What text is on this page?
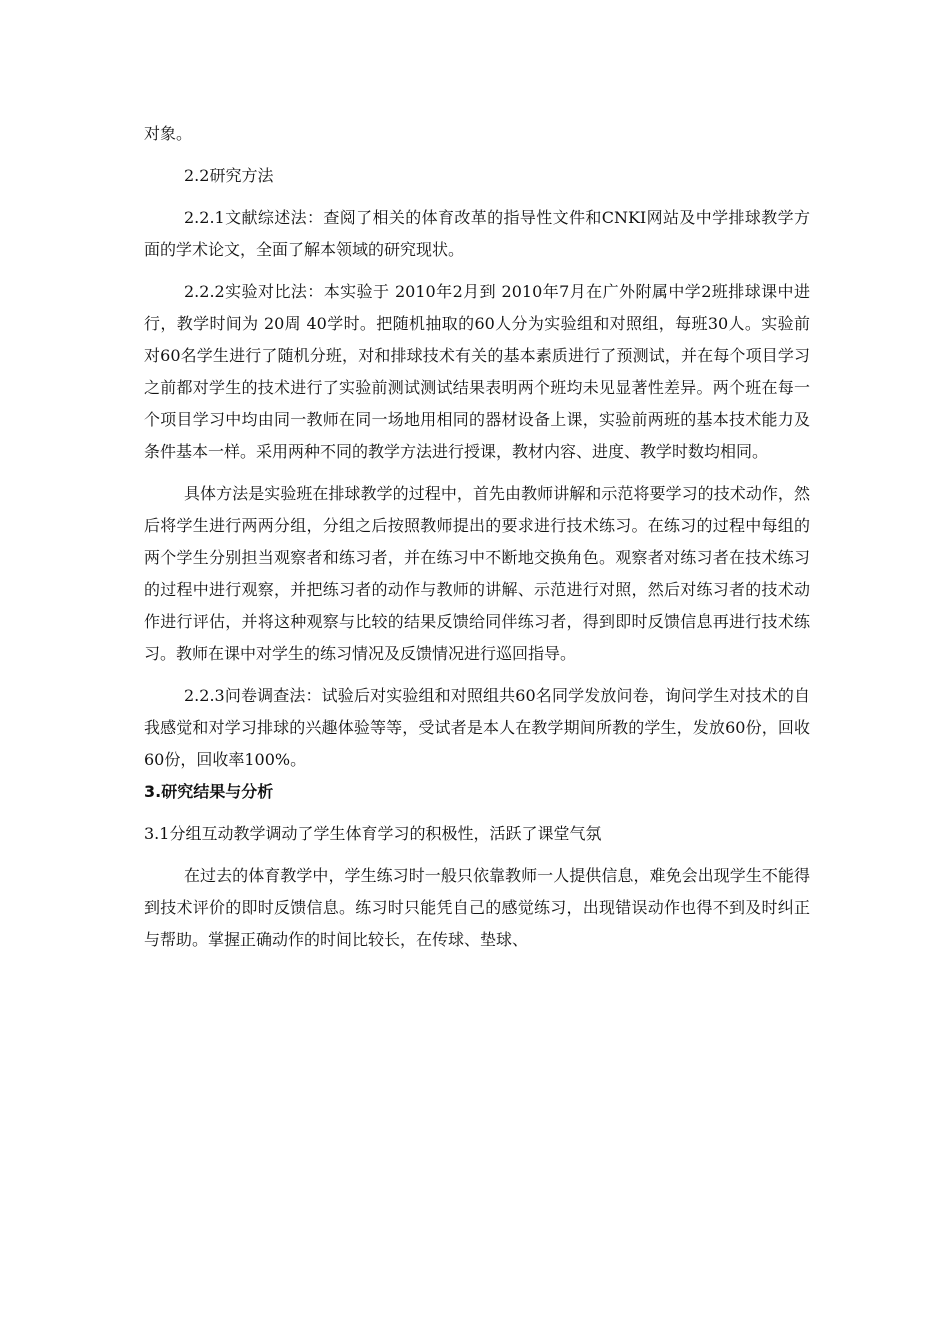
对象。

2.2研究方法

2.2.1文献综述法：查阅了相关的体育改革的指导性文件和CNKI网站及中学排球教学方面的学术论文，全面了解本领域的研究现状。

2.2.2实验对比法：本实验于 2010年2月到 2010年7月在广外附属中学2班排球课中进行，教学时间为 20周 40学时。把随机抽取的60人分为实验组和对照组，每班30人。实验前对60名学生进行了随机分班，对和排球技术有关的基本素质进行了预测试，并在每个项目学习之前都对学生的技术进行了实验前测试测试结果表明两个班均未见显著性差异。两个班在每一个项目学习中均由同一教师在同一场地用相同的器材设备上课，实验前两班的基本技术能力及条件基本一样。采用两种不同的教学方法进行授课，教材内容、进度、教学时数均相同。

具体方法是实验班在排球教学的过程中，首先由教师讲解和示范将要学习的技术动作，然后将学生进行两两分组，分组之后按照教师提出的要求进行技术练习。在练习的过程中每组的两个学生分别担当观察者和练习者，并在练习中不断地交换角色。观察者对练习者在技术练习的过程中进行观察，并把练习者的动作与教师的讲解、示范进行对照，然后对练习者的技术动作进行评估，并将这种观察与比较的结果反馈给同伴练习者，得到即时反馈信息再进行技术练习。教师在课中对学生的练习情况及反馈情况进行巡回指导。

2.2.3问卷调查法：试验后对实验组和对照组共60名同学发放问卷，询问学生对技术的自我感觉和对学习排球的兴趣体验等等，受试者是本人在教学期间所教的学生，发放60份，回收60份，回收率100%。

3.研究结果与分析

3.1分组互动教学调动了学生体育学习的积极性，活跃了课堂气氛

在过去的体育教学中，学生练习时一般只依靠教师一人提供信息，难免会出现学生不能得到技术评价的即时反馈信息。练习时只能凭自己的感觉练习，出现错误动作也得不到及时纠正与帮助。掌握正确动作的时间比较长，在传球、垫球、
